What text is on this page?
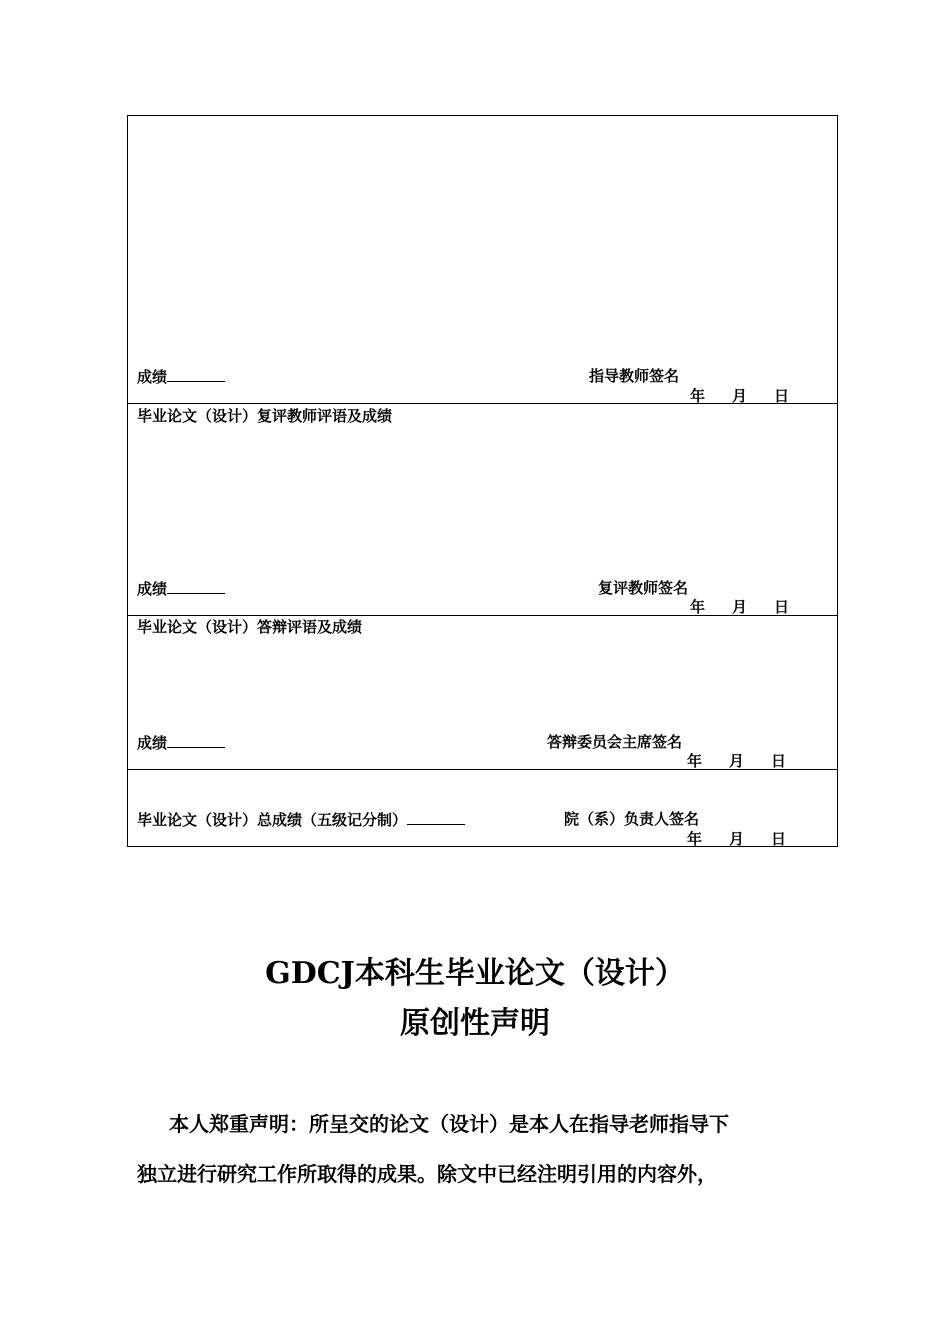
成绩	指导教师签名
年 月 日
毕业论文（设计）复评教师评语及成绩
成绩	复评教师签名
年 月 日
毕业论文（设计）答辩评语及成绩
成绩	答辩委员会主席签名
年 月 日
毕业论文（设计）总成绩（五级记分制）	院（系）负责人签名
年 月 日
GDCJ本科生毕业论文（设计）
原创性声明
本人郑重声明：所呈交的论文（设计）是本人在指导老师指导下
独立进行研究工作所取得的成果。除文中已经注明引用的内容外，
